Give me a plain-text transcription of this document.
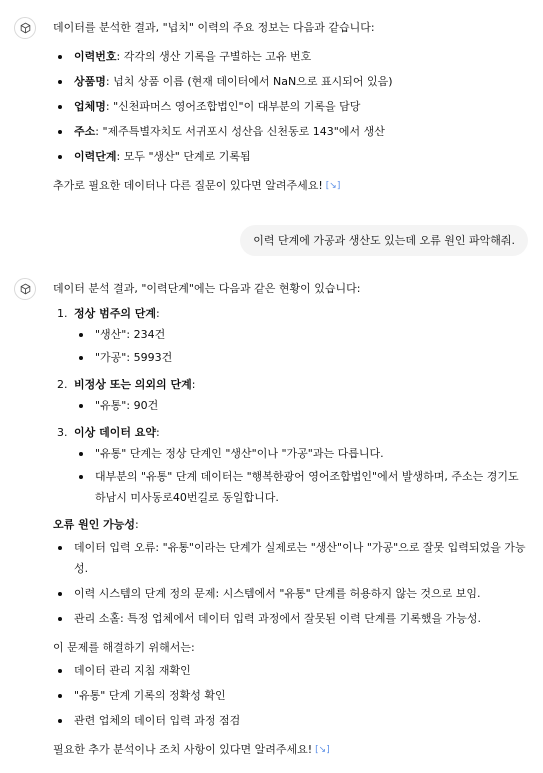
데이터를 분석한 결과, "넙치" 이력의 주요 정보는 다음과 같습니다:
이력번호: 각각의 생산 기록을 구별하는 고유 번호
상품명: 넙치 상품 이름 (현재 데이터에서 NaN으로 표시되어 있음)
업체명: "신천파머스 영어조합법인"이 대부분의 기록을 담당
주소: "제주특별자치도 서귀포시 성산읍 신천동로 143"에서 생산
이력단계: 모두 "생산" 단계로 기록됨
추가로 필요한 데이터나 다른 질문이 있다면 알려주세요! [↘]
이력 단계에 가공과 생산도 있는데 오류 원인 파악해줘.
데이터 분석 결과, "이력단계"에는 다음과 같은 현황이 있습니다:
1. 정상 범주의 단계:
"생산": 234건
"가공": 5993건
2. 비정상 또는 의외의 단계:
"유통": 90건
3. 이상 데이터 요약:
"유통" 단계는 정상 단계인 "생산"이나 "가공"과는 다릅니다.
대부분의 "유통" 단계 데이터는 "행복한광어 영어조합법인"에서 발생하며, 주소는 경기도 하남시 미사동로40번길로 동일합니다.
오류 원인 가능성:
데이터 입력 오류: "유통"이라는 단계가 실제로는 "생산"이나 "가공"으로 잘못 입력되었을 가능성.
이력 시스템의 단계 정의 문제: 시스템에서 "유통" 단계를 허용하지 않는 것으로 보임.
관리 소홀: 특정 업체에서 데이터 입력 과정에서 잘못된 이력 단계를 기록했을 가능성.
이 문제를 해결하기 위해서는:
데이터 관리 지침 재확인
"유통" 단계 기록의 정확성 확인
관련 업체의 데이터 입력 과정 점검
필요한 추가 분석이나 조치 사항이 있다면 알려주세요! [↘]
